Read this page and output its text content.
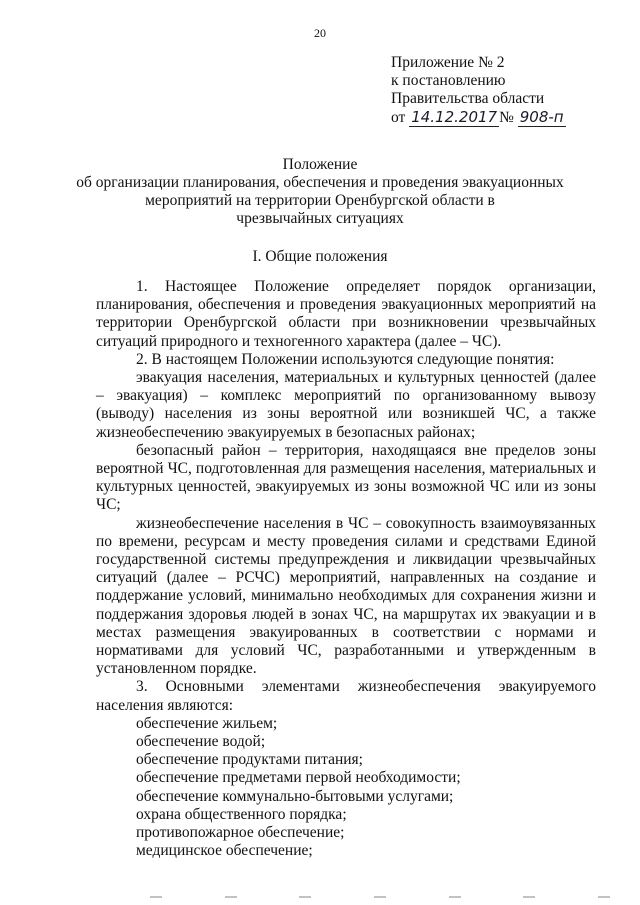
20
Приложение № 2
к постановлению
Правительства области
от 14.12.2017 № 908-п
Положение
об организации планирования, обеспечения и проведения эвакуационных
мероприятий на территории Оренбургской области в
чрезвычайных ситуациях
I. Общие положения

1. Настоящее Положение определяет порядок организации, планирования, обеспечения и проведения эвакуационных мероприятий на территории Оренбургской области при возникновении чрезвычайных ситуаций природного и техногенного характера (далее – ЧС).

2. В настоящем Положении используются следующие понятия:

эвакуация населения, материальных и культурных ценностей (далее – эвакуация) – комплекс мероприятий по организованному вывозу (выводу) населения из зоны вероятной или возникшей ЧС, а также жизнеобеспечению эвакуируемых в безопасных районах;

безопасный район – территория, находящаяся вне пределов зоны вероятной ЧС, подготовленная для размещения населения, материальных и культурных ценностей, эвакуируемых из зоны возможной ЧС или из зоны ЧС;

жизнеобеспечение населения в ЧС – совокупность взаимоувязанных по времени, ресурсам и месту проведения силами и средствами Единой государственной системы предупреждения и ликвидации чрезвычайных ситуаций (далее – РСЧС) мероприятий, направленных на создание и поддержание условий, минимально необходимых для сохранения жизни и поддержания здоровья людей в зонах ЧС, на маршрутах их эвакуации и в местах размещения эвакуированных в соответствии с нормами и нормативами для условий ЧС, разработанными и утвержденным в установленном порядке.

3. Основными элементами жизнеобеспечения эвакуируемого населения являются:

обеспечение жильем;
обеспечение водой;
обеспечение продуктами питания;
обеспечение предметами первой необходимости;
обеспечение коммунально-бытовыми услугами;
охрана общественного порядка;
противопожарное обеспечение;
медицинское обеспечение;
